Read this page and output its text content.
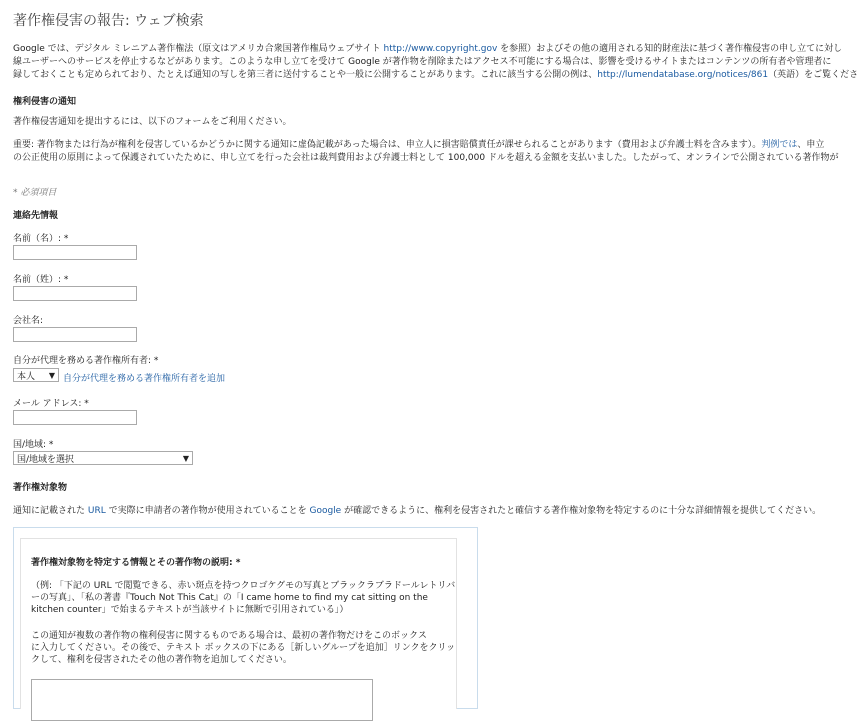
著作権侵害の報告: ウェブ検索
Google では、デジタル ミレニアム著作権法（原文はアメリカ合衆国著作権局ウェブサイト http://www.copyright.gov を参照）およびその他の適用される知的財産法に基づく著作権侵害の申し立てに対し
線ユーザーへのサービスを停止するなどがあります。このような申し立てを受けて Google が著作物を削除またはアクセス不可能にする場合は、影響を受けるサイトまたはコンテンツの所有者や管理者に
録しておくことも定められており、たとえば通知の写しを第三者に送付することや一般に公開することがあります。これに該当する公開の例は、http://lumendatabase.org/notices/861（英語）をご覧くださ
権利侵害の通知
著作権侵害通知を提出するには、以下のフォームをご利用ください。
重要: 著作物または行為が権利を侵害しているかどうかに関する通知に虚偽記載があった場合は、申立人に損害賠償責任が課せられることがあります（費用および弁護士料を含みます）。判例では、申立
の公正使用の原則によって保護されていたために、申し立てを行った会社は裁判費用および弁護士料として 100,000 ドルを超える金額を支払いました。したがって、オンラインで公開されている著作物が
* 必須項目
連絡先情報
名前（名）: *
名前（姓）: *
会社名:
自分が代理を務める著作権所有者: *
本人 ▼ 自分が代理を務める著作権所有者を追加
メール アドレス: *
国/地域: *
国/地域を選択	▼
著作権対象物
通知に記載された URL で実際に申請者の著作物が使用されていることを Google が確認できるように、権利を侵害されたと確信する著作権対象物を特定するのに十分な詳細情報を提供してください。
著作権対象物を特定する情報とその著作物の説明: *
（例: 「下記の URL で閲覧できる、赤い斑点を持つクロゴケグモの写真とブラックラブラドールレトリバ
ーの写真」、「私の著書『Touch Not This Cat』の「I came home to find my cat sitting on the
kitchen counter」で始まるテキストが当該サイトに無断で引用されている」）
この通知が複数の著作物の権利侵害に関するものである場合は、最初の著作物だけをこのボックス
に入力してください。その後で、テキスト ボックスの下にある［新しいグループを追加］リンクをクリッ
クして、権利を侵害されたその他の著作物を追加してください。
